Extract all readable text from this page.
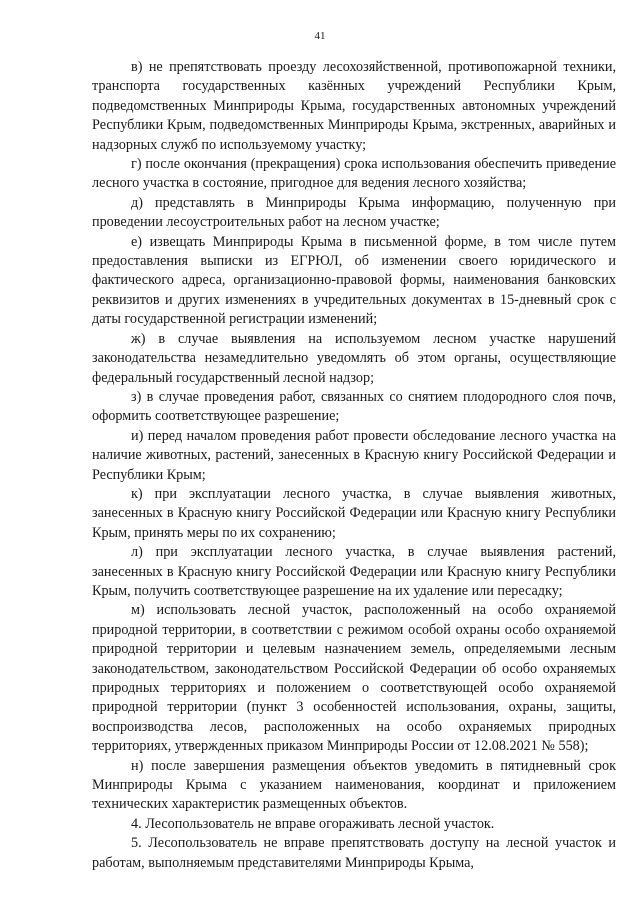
41

в) не препятствовать проезду лесохозяйственной, противопожарной техники, транспорта государственных казённых учреждений Республики Крым, подведомственных Минприроды Крыма, государственных автономных учреждений Республики Крым, подведомственных Минприроды Крыма, экстренных, аварийных и надзорных служб по используемому участку;

г) после окончания (прекращения) срока использования обеспечить приведение лесного участка в состояние, пригодное для ведения лесного хозяйства;

д) представлять в Минприроды Крыма информацию, полученную при проведении лесоустроительных работ на лесном участке;

е) извещать Минприроды Крыма в письменной форме, в том числе путем предоставления выписки из ЕГРЮЛ, об изменении своего юридического и фактического адреса, организационно-правовой формы, наименования банковских реквизитов и других изменениях в учредительных документах в 15-дневный срок с даты государственной регистрации изменений;

ж) в случае выявления на используемом лесном участке нарушений законодательства незамедлительно уведомлять об этом органы, осуществляющие федеральный государственный лесной надзор;

з) в случае проведения работ, связанных со снятием плодородного слоя почв, оформить соответствующее разрешение;

и) перед началом проведения работ провести обследование лесного участка на наличие животных, растений, занесенных в Красную книгу Российской Федерации и Республики Крым;

к) при эксплуатации лесного участка, в случае выявления животных, занесенных в Красную книгу Российской Федерации или Красную книгу Республики Крым, принять меры по их сохранению;

л) при эксплуатации лесного участка, в случае выявления растений, занесенных в Красную книгу Российской Федерации или Красную книгу Республики Крым, получить соответствующее разрешение на их удаление или пересадку;

м) использовать лесной участок, расположенный на особо охраняемой природной территории, в соответствии с режимом особой охраны особо охраняемой природной территории и целевым назначением земель, определяемыми лесным законодательством, законодательством Российской Федерации об особо охраняемых природных территориях и положением о соответствующей особо охраняемой природной территории (пункт 3 особенностей использования, охраны, защиты, воспроизводства лесов, расположенных на особо охраняемых природных территориях, утвержденных приказом Минприроды России от 12.08.2021 № 558);

н) после завершения размещения объектов уведомить в пятидневный срок Минприроды Крыма с указанием наименования, координат и приложением технических характеристик размещенных объектов.

4. Лесопользователь не вправе огораживать лесной участок.

5. Лесопользователь не вправе препятствовать доступу на лесной участок и работам, выполняемым представителями Минприроды Крыма,
